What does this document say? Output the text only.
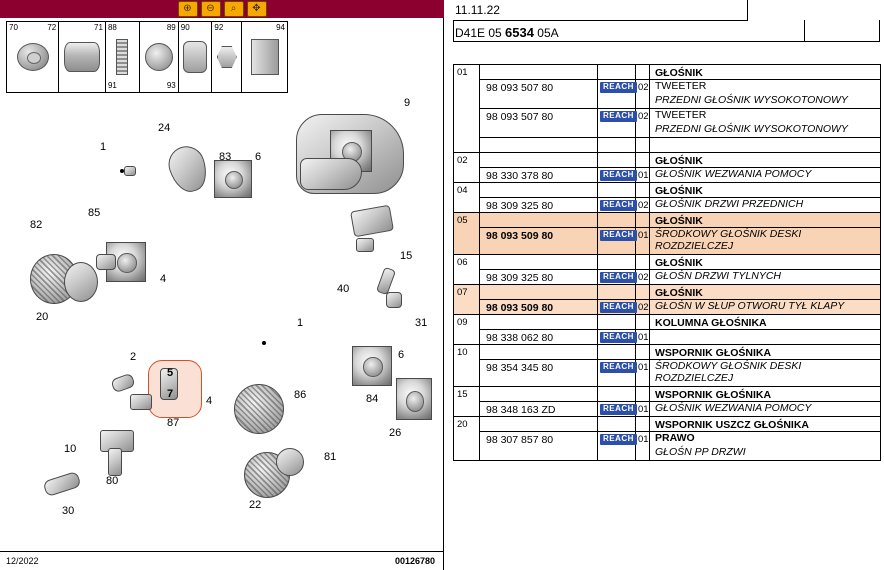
⊕	⊖	⌕	✥
70	72	71 88
91
89
93
90	92	94
9
24
83 6
1
15
40
31
82
85
4
20	1
2
5
7
87
6
84
26
4	86
10
80
81
22
30
12/2022	00126780
11.11.22
D41E 05 6534 05A
01				GŁOŚNIK

	98 093 507 80	REACH	02	TWEETER
PRZEDNI GŁOŚNIK WYSOKOTONOWY

	98 093 507 80	REACH	02	TWEETER
PRZEDNI GŁOŚNIK WYSOKOTONOWY

02				GŁOŚNIK

	98 330 378 80	REACH	01	GŁOŚNIK WEZWANIA POMOCY

04				GŁOŚNIK

	98 309 325 80	REACH	02	GŁOŚNIK DRZWI PRZEDNICH

05				GŁOŚNIK

	98 093 509 80	REACH	01	ŚRODKOWY GŁOŚNIK DESKI ROZDZIELCZEJ

06				GŁOŚNIK

	98 309 325 80	REACH	02	GŁOŚN DRZWI TYLNYCH

07				GŁOŚNIK

	98 093 509 80	REACH	02	GŁOŚN W SŁUP OTWORU TYŁ KLAPY

09				KOLUMNA GŁOŚNIKA

	98 338 062 80	REACH	01	

10				WSPORNIK GŁOŚNIKA

	98 354 345 80	REACH	01	ŚRODKOWY GŁOŚNIK DESKI ROZDZIELCZEJ

15				WSPORNIK GŁOŚNIKA

	98 348 163 ZD	REACH	01	GŁOŚNIK WEZWANIA POMOCY

20				WSPORNIK USZCZ GŁOŚNIKA

	98 307 857 80	REACH	01	PRAWO
GŁOŚN PP DRZWI
